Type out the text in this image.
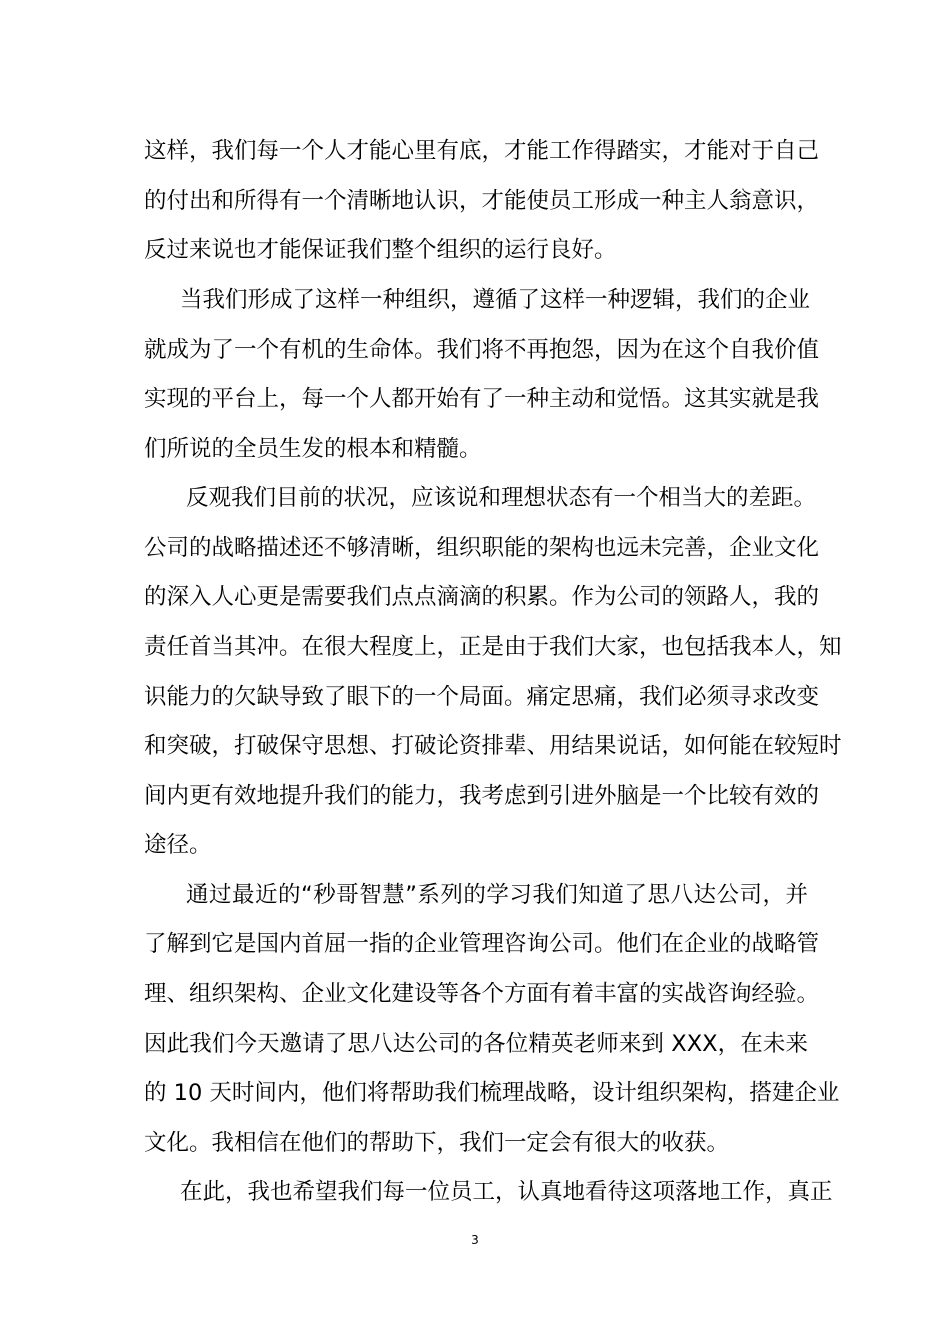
这样，我们每一个人才能心里有底，才能工作得踏实，才能对于自己
的付出和所得有一个清晰地认识，才能使员工形成一种主人翁意识，
反过来说也才能保证我们整个组织的运行良好。
当我们形成了这样一种组织，遵循了这样一种逻辑，我们的企业
就成为了一个有机的生命体。我们将不再抱怨，因为在这个自我价值
实现的平台上，每一个人都开始有了一种主动和觉悟。这其实就是我
们所说的全员生发的根本和精髓。
反观我们目前的状况，应该说和理想状态有一个相当大的差距。
公司的战略描述还不够清晰，组织职能的架构也远未完善，企业文化
的深入人心更是需要我们点点滴滴的积累。作为公司的领路人，我的
责任首当其冲。在很大程度上，正是由于我们大家，也包括我本人，知
识能力的欠缺导致了眼下的一个局面。痛定思痛，我们必须寻求改变
和突破，打破保守思想、打破论资排辈、用结果说话，如何能在较短时
间内更有效地提升我们的能力，我考虑到引进外脑是一个比较有效的
途径。
通过最近的“秒哥智慧”系列的学习我们知道了思八达公司，并
了解到它是国内首屈一指的企业管理咨询公司。他们在企业的战略管
理、组织架构、企业文化建设等各个方面有着丰富的实战咨询经验。
因此我们今天邀请了思八达公司的各位精英老师来到 XXX，在未来
的 10 天时间内，他们将帮助我们梳理战略，设计组织架构，搭建企业
文化。我相信在他们的帮助下，我们一定会有很大的收获。
在此，我也希望我们每一位员工，认真地看待这项落地工作，真正
3
